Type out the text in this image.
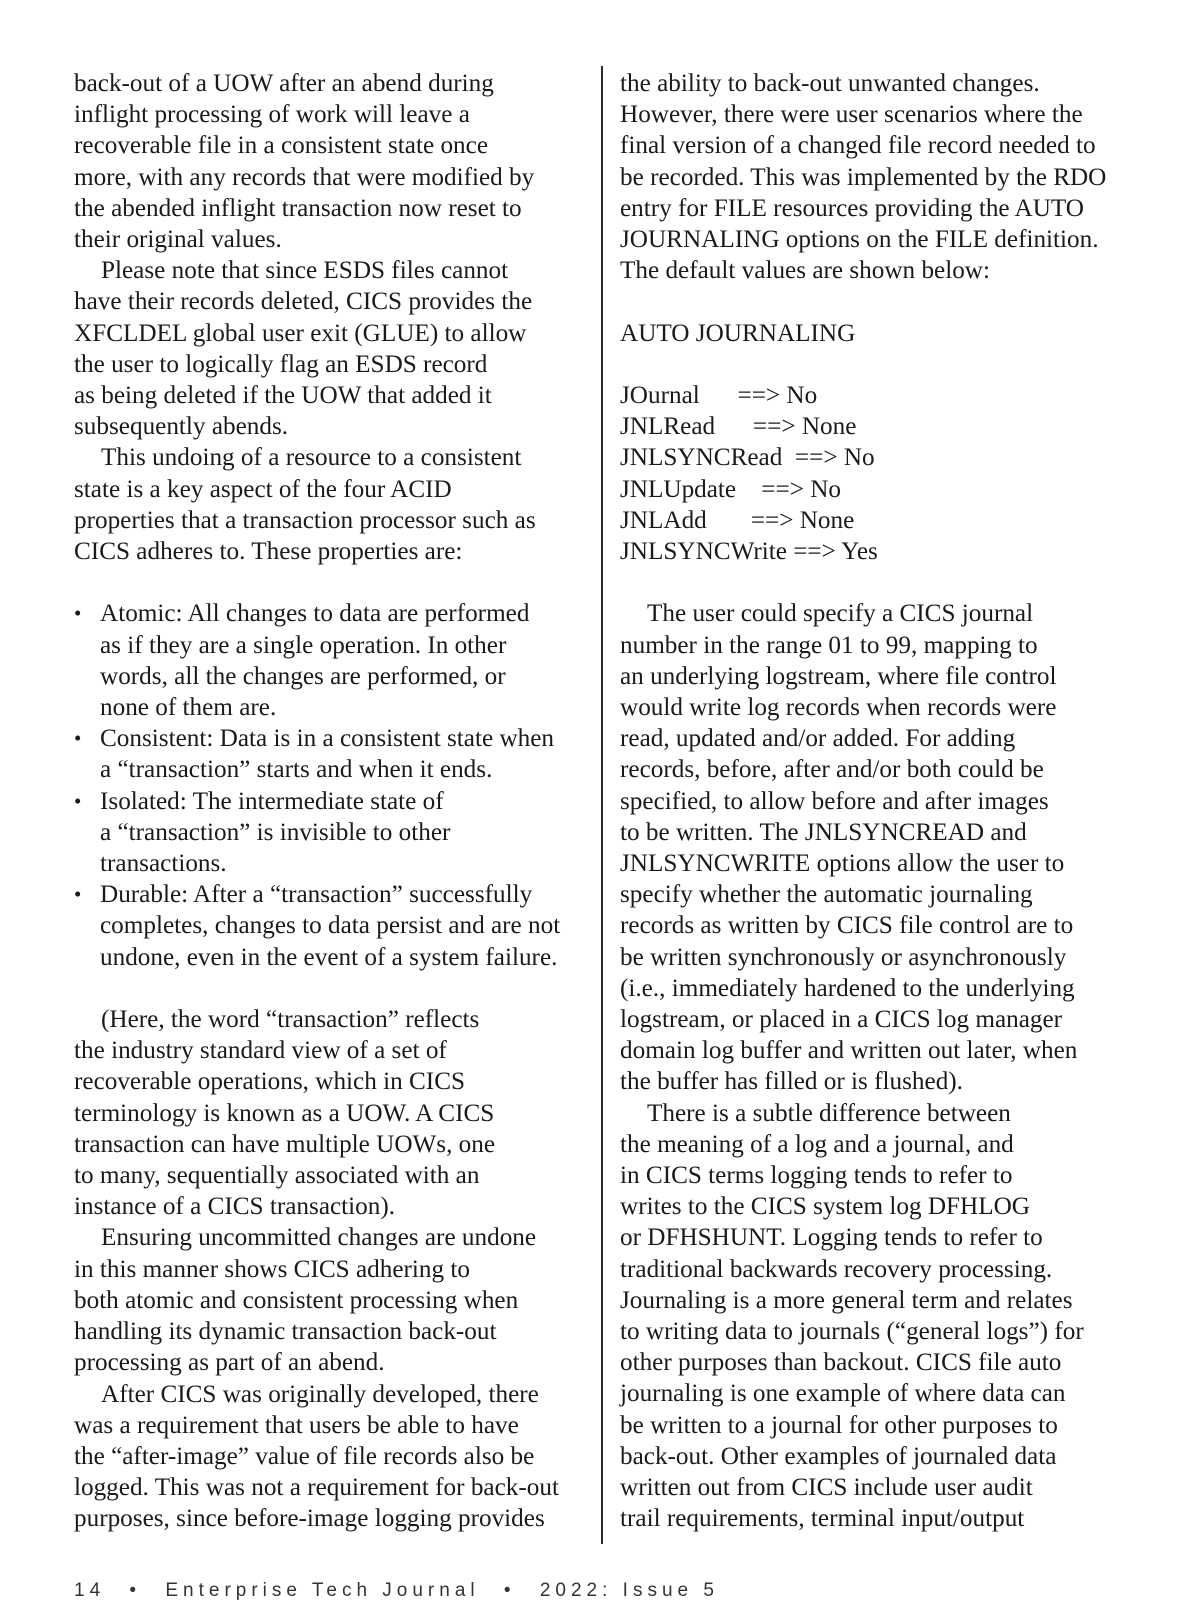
back-out of a UOW after an abend during
inflight processing of work will leave a
recoverable file in a consistent state once
more, with any records that were modified by
the abended inflight transaction now reset to
their original values.
Please note that since ESDS files cannot
have their records deleted, CICS provides the
XFCLDEL global user exit (GLUE) to allow
the user to logically flag an ESDS record
as being deleted if the UOW that added it
subsequently abends.
This undoing of a resource to a consistent
state is a key aspect of the four ACID
properties that a transaction processor such as
CICS adheres to. These properties are:
• Atomic: All changes to data are performed
as if they are a single operation. In other
words, all the changes are performed, or
none of them are.
• Consistent: Data is in a consistent state when
a “transaction” starts and when it ends.
• Isolated: The intermediate state of
a “transaction” is invisible to other
transactions.
• Durable: After a “transaction” successfully
completes, changes to data persist and are not
undone, even in the event of a system failure.
(Here, the word “transaction” reflects
the industry standard view of a set of
recoverable operations, which in CICS
terminology is known as a UOW. A CICS
transaction can have multiple UOWs, one
to many, sequentially associated with an
instance of a CICS transaction).
Ensuring uncommitted changes are undone
in this manner shows CICS adhering to
both atomic and consistent processing when
handling its dynamic transaction back-out
processing as part of an abend.
After CICS was originally developed, there
was a requirement that users be able to have
the “after-image” value of file records also be
logged. This was not a requirement for back-out
purposes, since before-image logging provides
the ability to back-out unwanted changes.
However, there were user scenarios where the
final version of a changed file record needed to
be recorded. This was implemented by the RDO
entry for FILE resources providing the AUTO
JOURNALING options on the FILE definition.
The default values are shown below:
AUTO JOURNALING
JOurnal      ==> No
JNLRead      ==> None
JNLSYNCRead  ==> No
JNLUpdate    ==> No
JNLAdd       ==> None
JNLSYNCWrite ==> Yes
The user could specify a CICS journal
number in the range 01 to 99, mapping to
an underlying logstream, where file control
would write log records when records were
read, updated and/or added. For adding
records, before, after and/or both could be
specified, to allow before and after images
to be written. The JNLSYNCREAD and
JNLSYNCWRITE options allow the user to
specify whether the automatic journaling
records as written by CICS file control are to
be written synchronously or asynchronously
(i.e., immediately hardened to the underlying
logstream, or placed in a CICS log manager
domain log buffer and written out later, when
the buffer has filled or is flushed).
There is a subtle difference between
the meaning of a log and a journal, and
in CICS terms logging tends to refer to
writes to the CICS system log DFHLOG
or DFHSHUNT. Logging tends to refer to
traditional backwards recovery processing.
Journaling is a more general term and relates
to writing data to journals (“general logs”) for
other purposes than backout. CICS file auto
journaling is one example of where data can
be written to a journal for other purposes to
back-out. Other examples of journaled data
written out from CICS include user audit
trail requirements, terminal input/output
14 • Enterprise Tech Journal • 2022: Issue 5
